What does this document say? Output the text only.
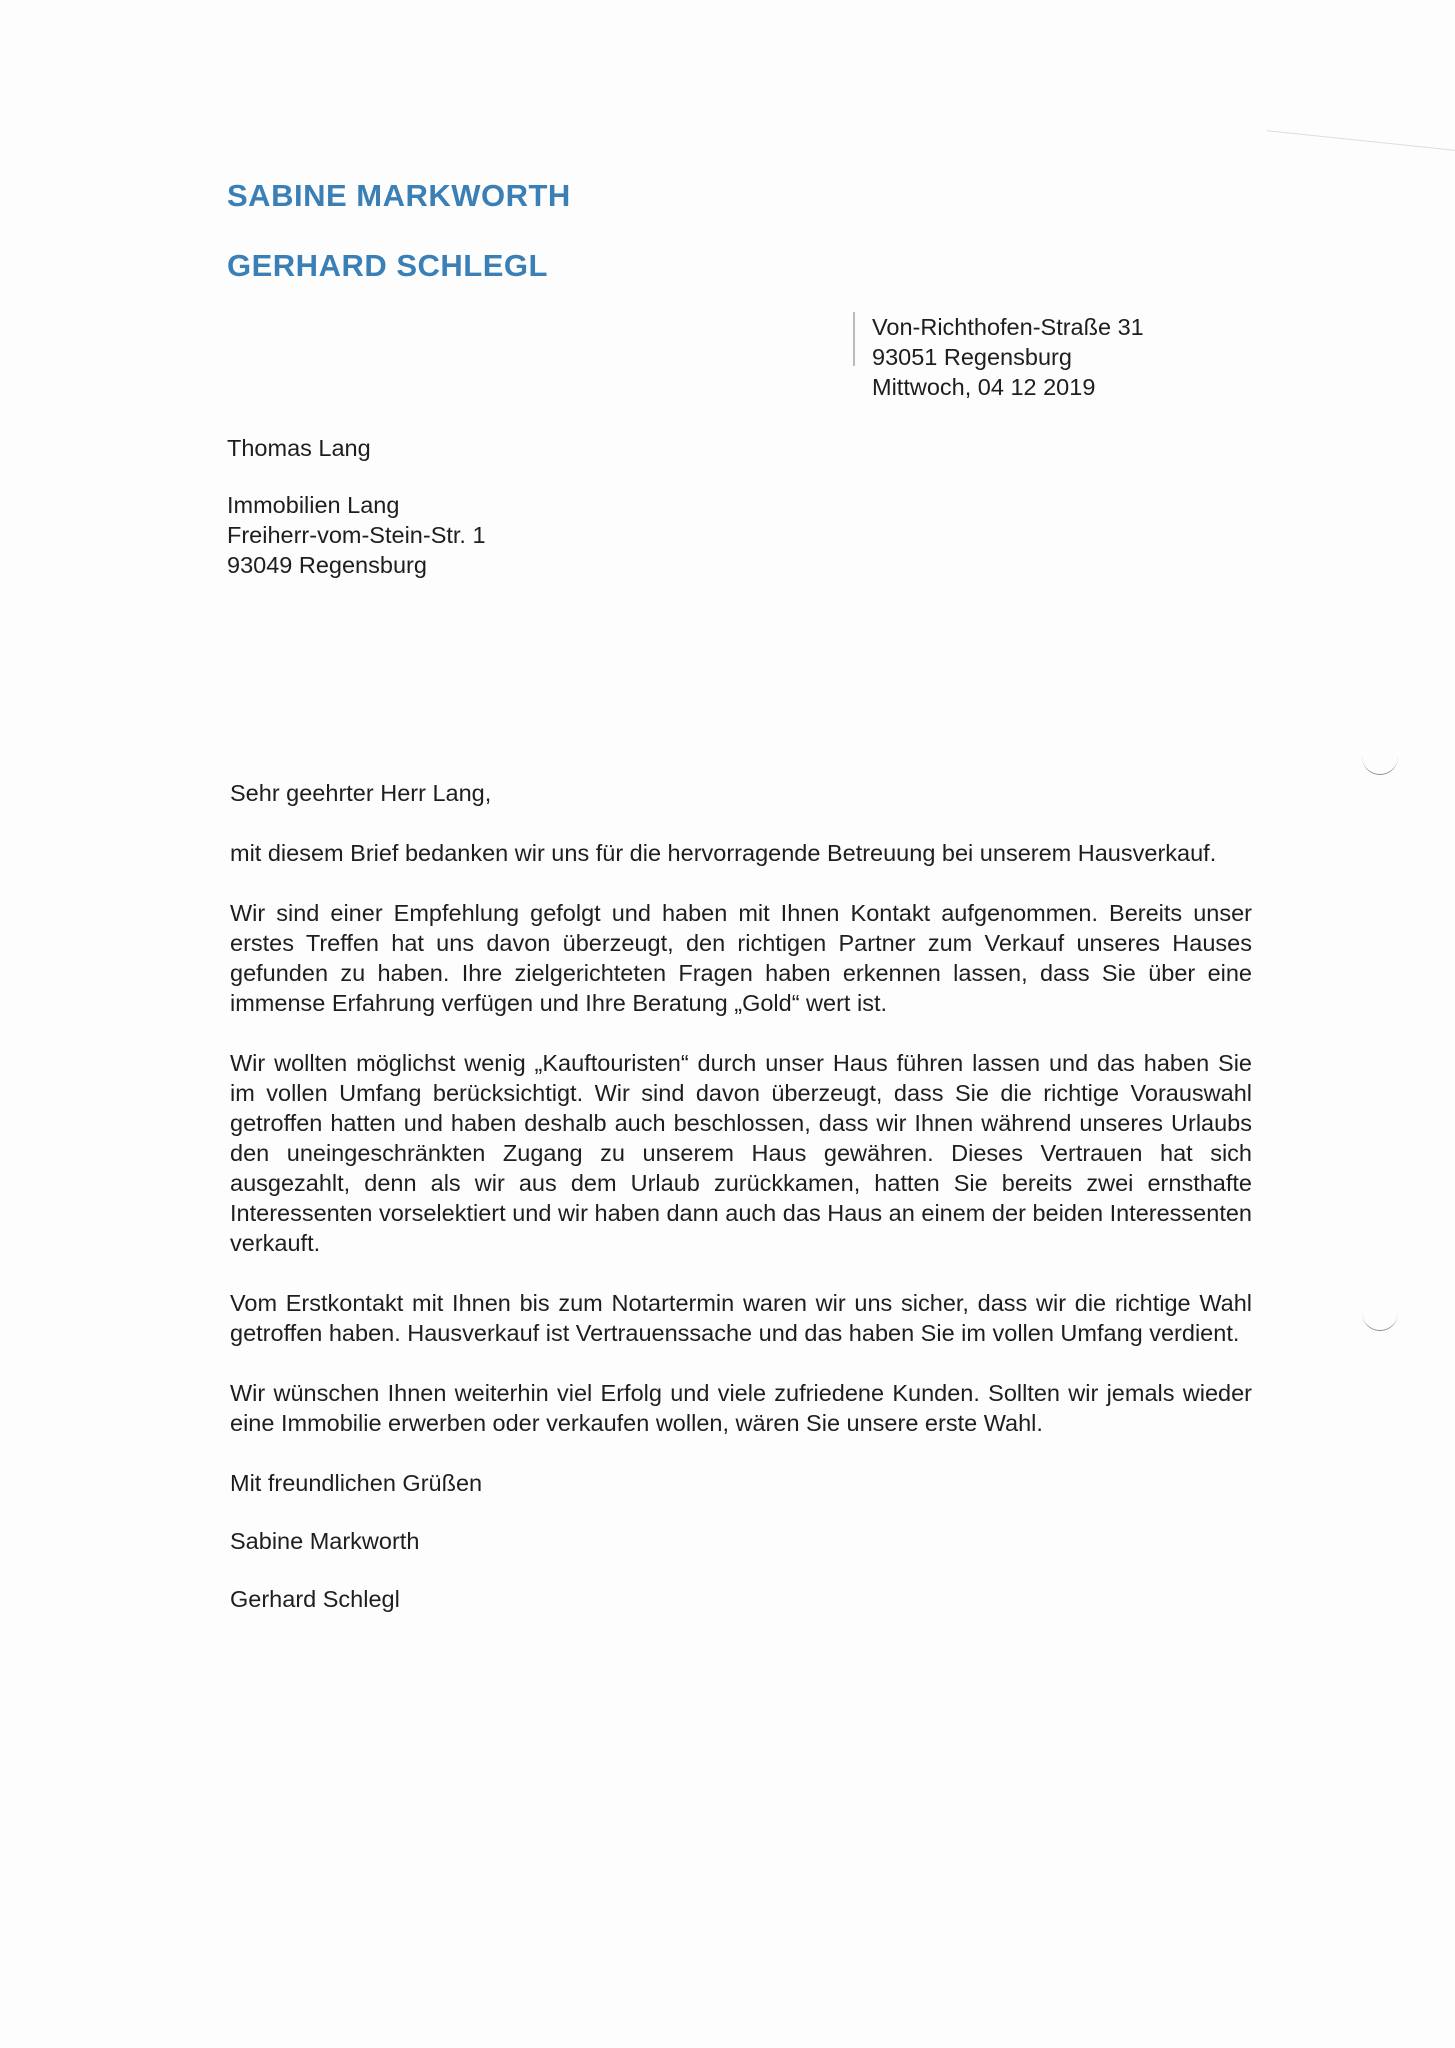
SABINE MARKWORTH
GERHARD SCHLEGL
Von-Richthofen-Straße 31
93051 Regensburg
Mittwoch, 04 12 2019
Thomas Lang
Immobilien Lang
Freiherr-vom-Stein-Str. 1
93049 Regensburg

Sehr geehrter Herr Lang,

mit diesem Brief bedanken wir uns für die hervorragende Betreuung bei unserem Hausverkauf.

Wir sind einer Empfehlung gefolgt und haben mit Ihnen Kontakt aufgenommen. Bereits unser erstes Treffen hat uns davon überzeugt, den richtigen Partner zum Verkauf unseres Hauses gefunden zu haben. Ihre zielgerichteten Fragen haben erkennen lassen, dass Sie über eine immense Erfahrung verfügen und Ihre Beratung „Gold“ wert ist.

Wir wollten möglichst wenig „Kauftouristen“ durch unser Haus führen lassen und das haben Sie im vollen Umfang berücksichtigt. Wir sind davon überzeugt, dass Sie die richtige Vorauswahl getroffen hatten und haben deshalb auch beschlossen, dass wir Ihnen während unseres Urlaubs den uneingeschränkten Zugang zu unserem Haus gewähren. Dieses Vertrauen hat sich ausgezahlt, denn als wir aus dem Urlaub zurückkamen, hatten Sie bereits zwei ernsthafte Interessenten vorselektiert und wir haben dann auch das Haus an einem der beiden Interessenten verkauft.

Vom Erstkontakt mit Ihnen bis zum Notartermin waren wir uns sicher, dass wir die richtige Wahl getroffen haben. Hausverkauf ist Vertrauenssache und das haben Sie im vollen Umfang verdient.

Wir wünschen Ihnen weiterhin viel Erfolg und viele zufriedene Kunden. Sollten wir jemals wieder eine Immobilie erwerben oder verkaufen wollen, wären Sie unsere erste Wahl.

Mit freundlichen Grüßen

Sabine Markworth

Gerhard Schlegl
